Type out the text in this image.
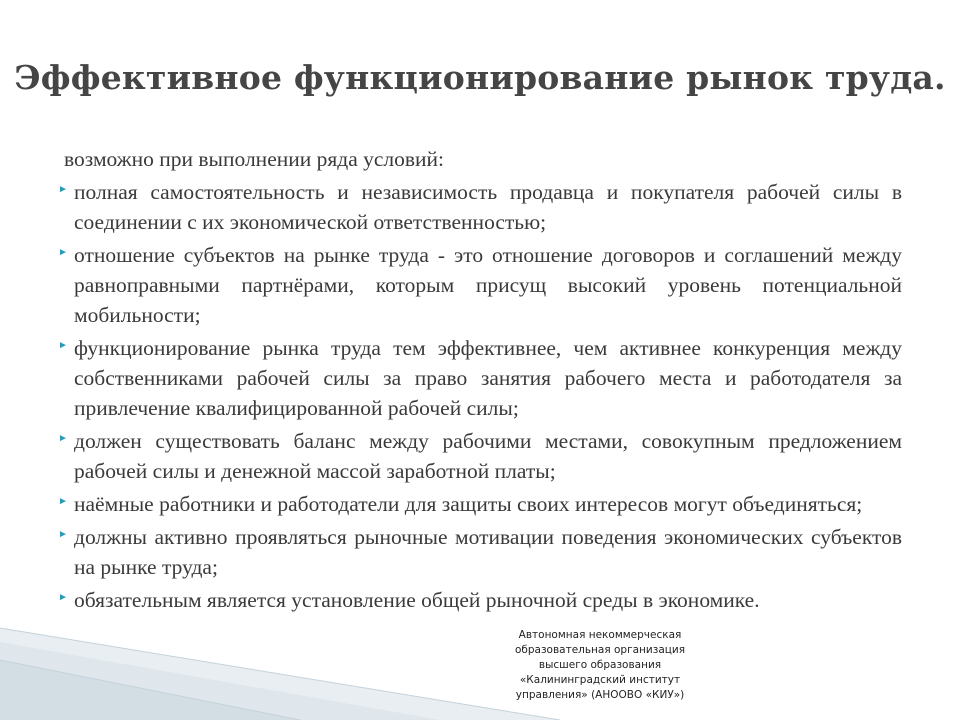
Эффективное функционирование рынок труда.

возможно при выполнении ряда условий:

► полная самостоятельность и независимость продавца и покупателя рабочей силы в соединении с их экономической ответственностью;

► отношение субъектов на рынке труда - это отношение договоров и соглашений между равноправными партнёрами, которым присущ высокий уровень потенциальной мобильности;

► функционирование рынка труда тем эффективнее, чем активнее конкуренция между собственниками рабочей силы за право занятия рабочего места и работодателя за привлечение квалифицированной рабочей силы;

► должен существовать баланс между рабочими местами, совокупным предложением рабочей силы и денежной массой заработной платы;

► наёмные работники и работодатели для защиты своих интересов могут объединяться;

► должны активно проявляться рыночные мотивации поведения экономических субъектов на рынке труда;

► обязательным является установление общей рыночной среды в экономике.

Автономная некоммерческая
образовательная организация
высшего образования
«Калининградский институт
управления» (АНООВО «КИУ»)
